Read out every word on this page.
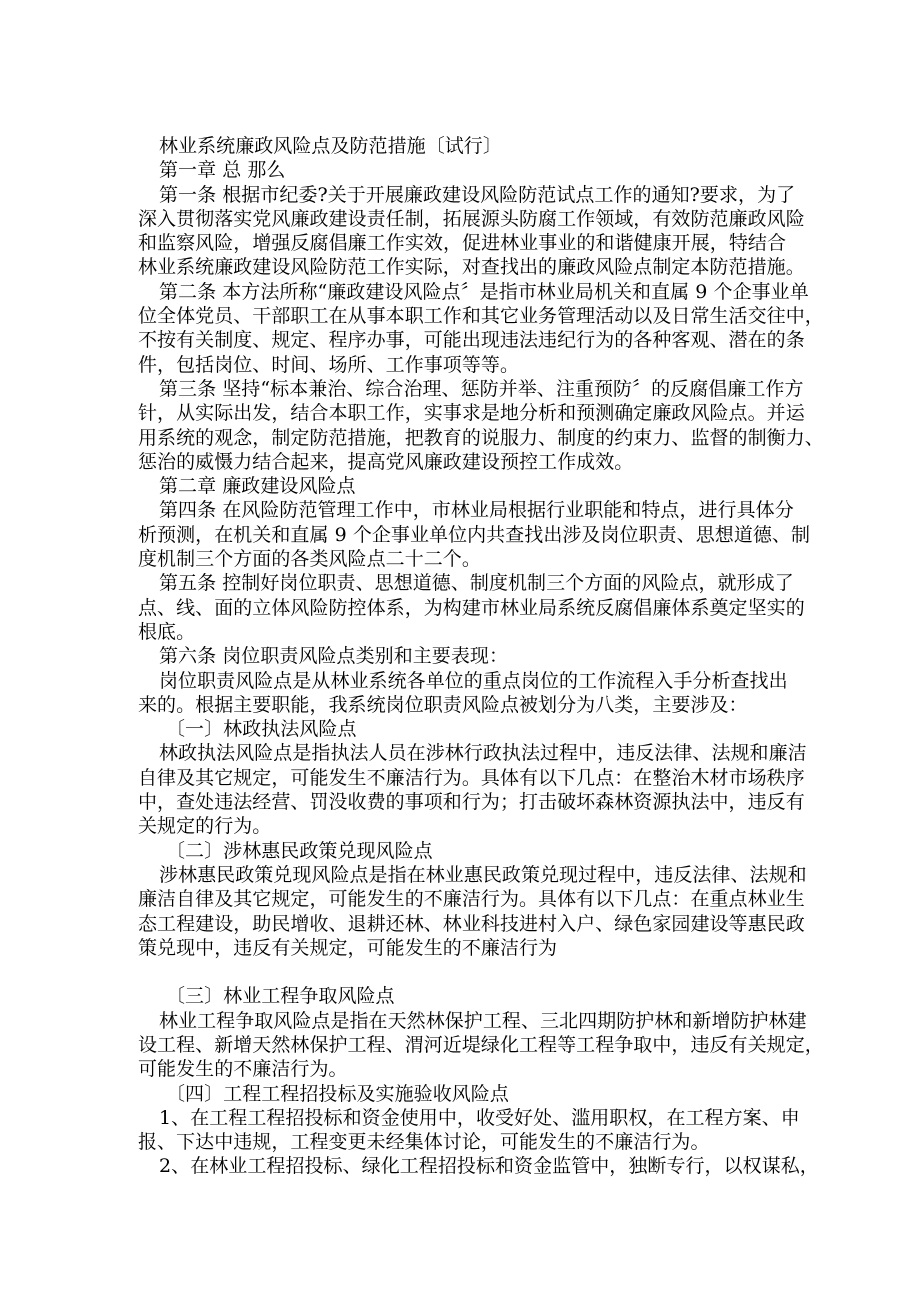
林业系统廉政风险点及防范措施〔试行〕
第一章 总 那么
第一条 根据市纪委?关于开展廉政建设风险防范试点工作的通知?要求，为了
深入贯彻落实党风廉政建设责任制，拓展源头防腐工作领域，有效防范廉政风险
和监察风险，增强反腐倡廉工作实效，促进林业事业的和谐健康开展，特结合
林业系统廉政建设风险防范工作实际，对查找出的廉政风险点制定本防范措施。
第二条 本方法所称“廉政建设风险点〞是指市林业局机关和直属 9 个企事业单
位全体党员、干部职工在从事本职工作和其它业务管理活动以及日常生活交往中，
不按有关制度、规定、程序办事，可能出现违法违纪行为的各种客观、潜在的条
件，包括岗位、时间、场所、工作事项等等。
第三条 坚持“标本兼治、综合治理、惩防并举、注重预防〞的反腐倡廉工作方
针，从实际出发，结合本职工作，实事求是地分析和预测确定廉政风险点。并运
用系统的观念，制定防范措施，把教育的说服力、制度的约束力、监督的制衡力、
惩治的威慑力结合起来，提高党风廉政建设预控工作成效。
第二章 廉政建设风险点
第四条 在风险防范管理工作中，市林业局根据行业职能和特点，进行具体分
析预测，在机关和直属 9 个企事业单位内共查找出涉及岗位职责、思想道德、制
度机制三个方面的各类风险点二十二个。
第五条 控制好岗位职责、思想道德、制度机制三个方面的风险点，就形成了
点、线、面的立体风险防控体系，为构建市林业局系统反腐倡廉体系奠定坚实的
根底。
第六条 岗位职责风险点类别和主要表现：
岗位职责风险点是从林业系统各单位的重点岗位的工作流程入手分析查找出
来的。根据主要职能，我系统岗位职责风险点被划分为八类，主要涉及：
〔一〕林政执法风险点
林政执法风险点是指执法人员在涉林行政执法过程中，违反法律、法规和廉洁
自律及其它规定，可能发生不廉洁行为。具体有以下几点：在整治木材市场秩序
中，查处违法经营、罚没收费的事项和行为；打击破坏森林资源执法中，违反有
关规定的行为。
〔二〕涉林惠民政策兑现风险点
涉林惠民政策兑现风险点是指在林业惠民政策兑现过程中，违反法律、法规和
廉洁自律及其它规定，可能发生的不廉洁行为。具体有以下几点：在重点林业生
态工程建设，助民增收、退耕还林、林业科技进村入户、绿色家园建设等惠民政
策兑现中，违反有关规定，可能发生的不廉洁行为
〔三〕林业工程争取风险点
林业工程争取风险点是指在天然林保护工程、三北四期防护林和新增防护林建
设工程、新增天然林保护工程、渭河近堤绿化工程等工程争取中，违反有关规定，
可能发生的不廉洁行为。
〔四〕工程工程招投标及实施验收风险点
1、在工程工程招投标和资金使用中，收受好处、滥用职权，在工程方案、申
报、下达中违规，工程变更未经集体讨论，可能发生的不廉洁行为。
2、在林业工程招投标、绿化工程招投标和资金监管中，独断专行，以权谋私，
